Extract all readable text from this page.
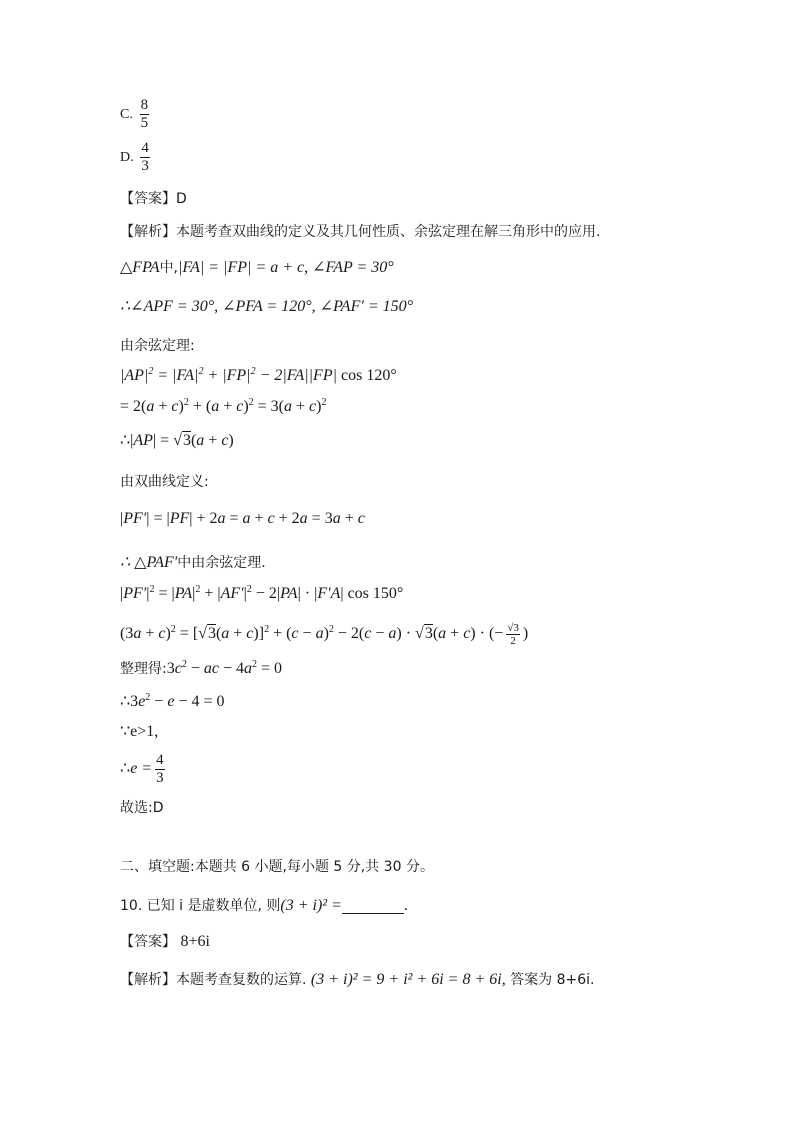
C. $\frac{8}{5}$
D. $\frac{4}{3}$
【答案】D
【解析】本题考查双曲线的定义及其几何性质、余弦定理在解三角形中的应用.
△FPA中,|FA| = |FP| = a + c, ∠FAP = 30°
∴∠APF = 30°, ∠PFA = 120°, ∠PAF′ = 150°
由余弦定理:
$|AP|^2 = |FA|^2 + |FP|^2 - 2|FA||FP|$ cos 120°
= $2(a + c)^2 + (a + c)^2 = 3(a + c)^2$
∴|AP| = √3(a + c)
由双曲线定义:
|PF′| = |PF| + 2a = a + c + 2a = 3a + c
∴ △PAF′中由余弦定理.
$|PF'|^2 = |PA|^2 + |AF'|^2 - 2|PA| \cdot |F'A|$ cos 150°
$(3a + c)^2 = [√3(a + c)]^2 + (c - a)^2 - 2(c - a) \cdot √3(a + c)$ · (− $\frac{√3}{2}$ )
整理得$:3c^2$ − ac − $4a^2 = 0$
$\therefore 3e^2 - e - 4 = 0$
∵e>1,
∴e = $\frac{4}{3}$
故选:D
二、填空题:本题共 6 小题,每小题 5 分,共 30 分。
10. 已知 i 是虚数单位, 则(3 + i)² =	.
【答案】 8+6i
【解析】本题考查复数的运算. (3 + i)² = 9 + i² + 6i = 8 + 6i, 答案为 8+6i.
